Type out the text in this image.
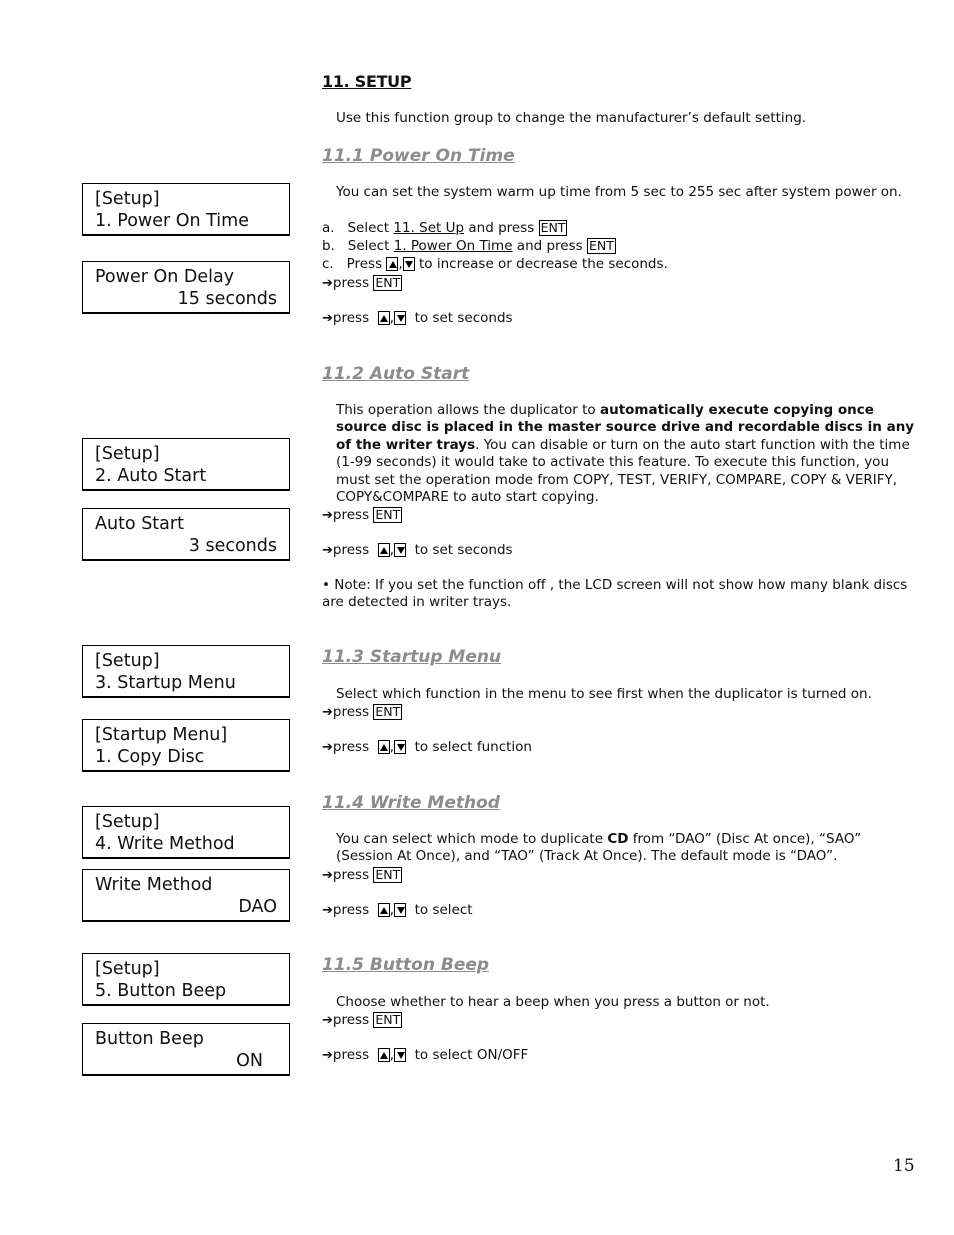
11. SETUP
Use this function group to change the manufacturer’s default setting.
11.1 Power On Time
You can set the system warm up time from 5 sec to 255 sec after system power on.
[Setup]
1. Power On Time
Power On Delay
15 seconds
a. Select 11. Set Up and press ENT
b. Select 1. Power On Time and press ENT
c. Press , to increase or decrease the seconds.
➔press ENT
➔press , to set seconds
11.2 Auto Start
This operation allows the duplicator to automatically execute copying once source disc is placed in the master source drive and recordable discs in any of the writer trays. You can disable or turn on the auto start function with the time (1-99 seconds) it would take to activate this feature. To execute this function, you must set the operation mode from COPY, TEST, VERIFY, COMPARE, COPY & VERIFY, COPY&COMPARE to auto start copying.
[Setup]
2. Auto Start
Auto Start
3 seconds
➔press ENT
➔press , to set seconds
• Note: If you set the function off , the LCD screen will not show how many blank discs are detected in writer trays.
11.3 Startup Menu
[Setup]
3. Startup Menu
[Startup Menu]
1. Copy Disc
Select which function in the menu to see first when the duplicator is turned on.
➔press ENT
➔press , to select function
11.4 Write Method
[Setup]
4. Write Method
Write Method
DAO
You can select which mode to duplicate CD from “DAO” (Disc At once), “SAO” (Session At Once), and “TAO” (Track At Once). The default mode is “DAO”.
➔press ENT
➔press , to select
11.5 Button Beep
[Setup]
5. Button Beep
Button Beep
ON
Choose whether to hear a beep when you press a button or not.
➔press ENT
➔press , to select ON/OFF
15
